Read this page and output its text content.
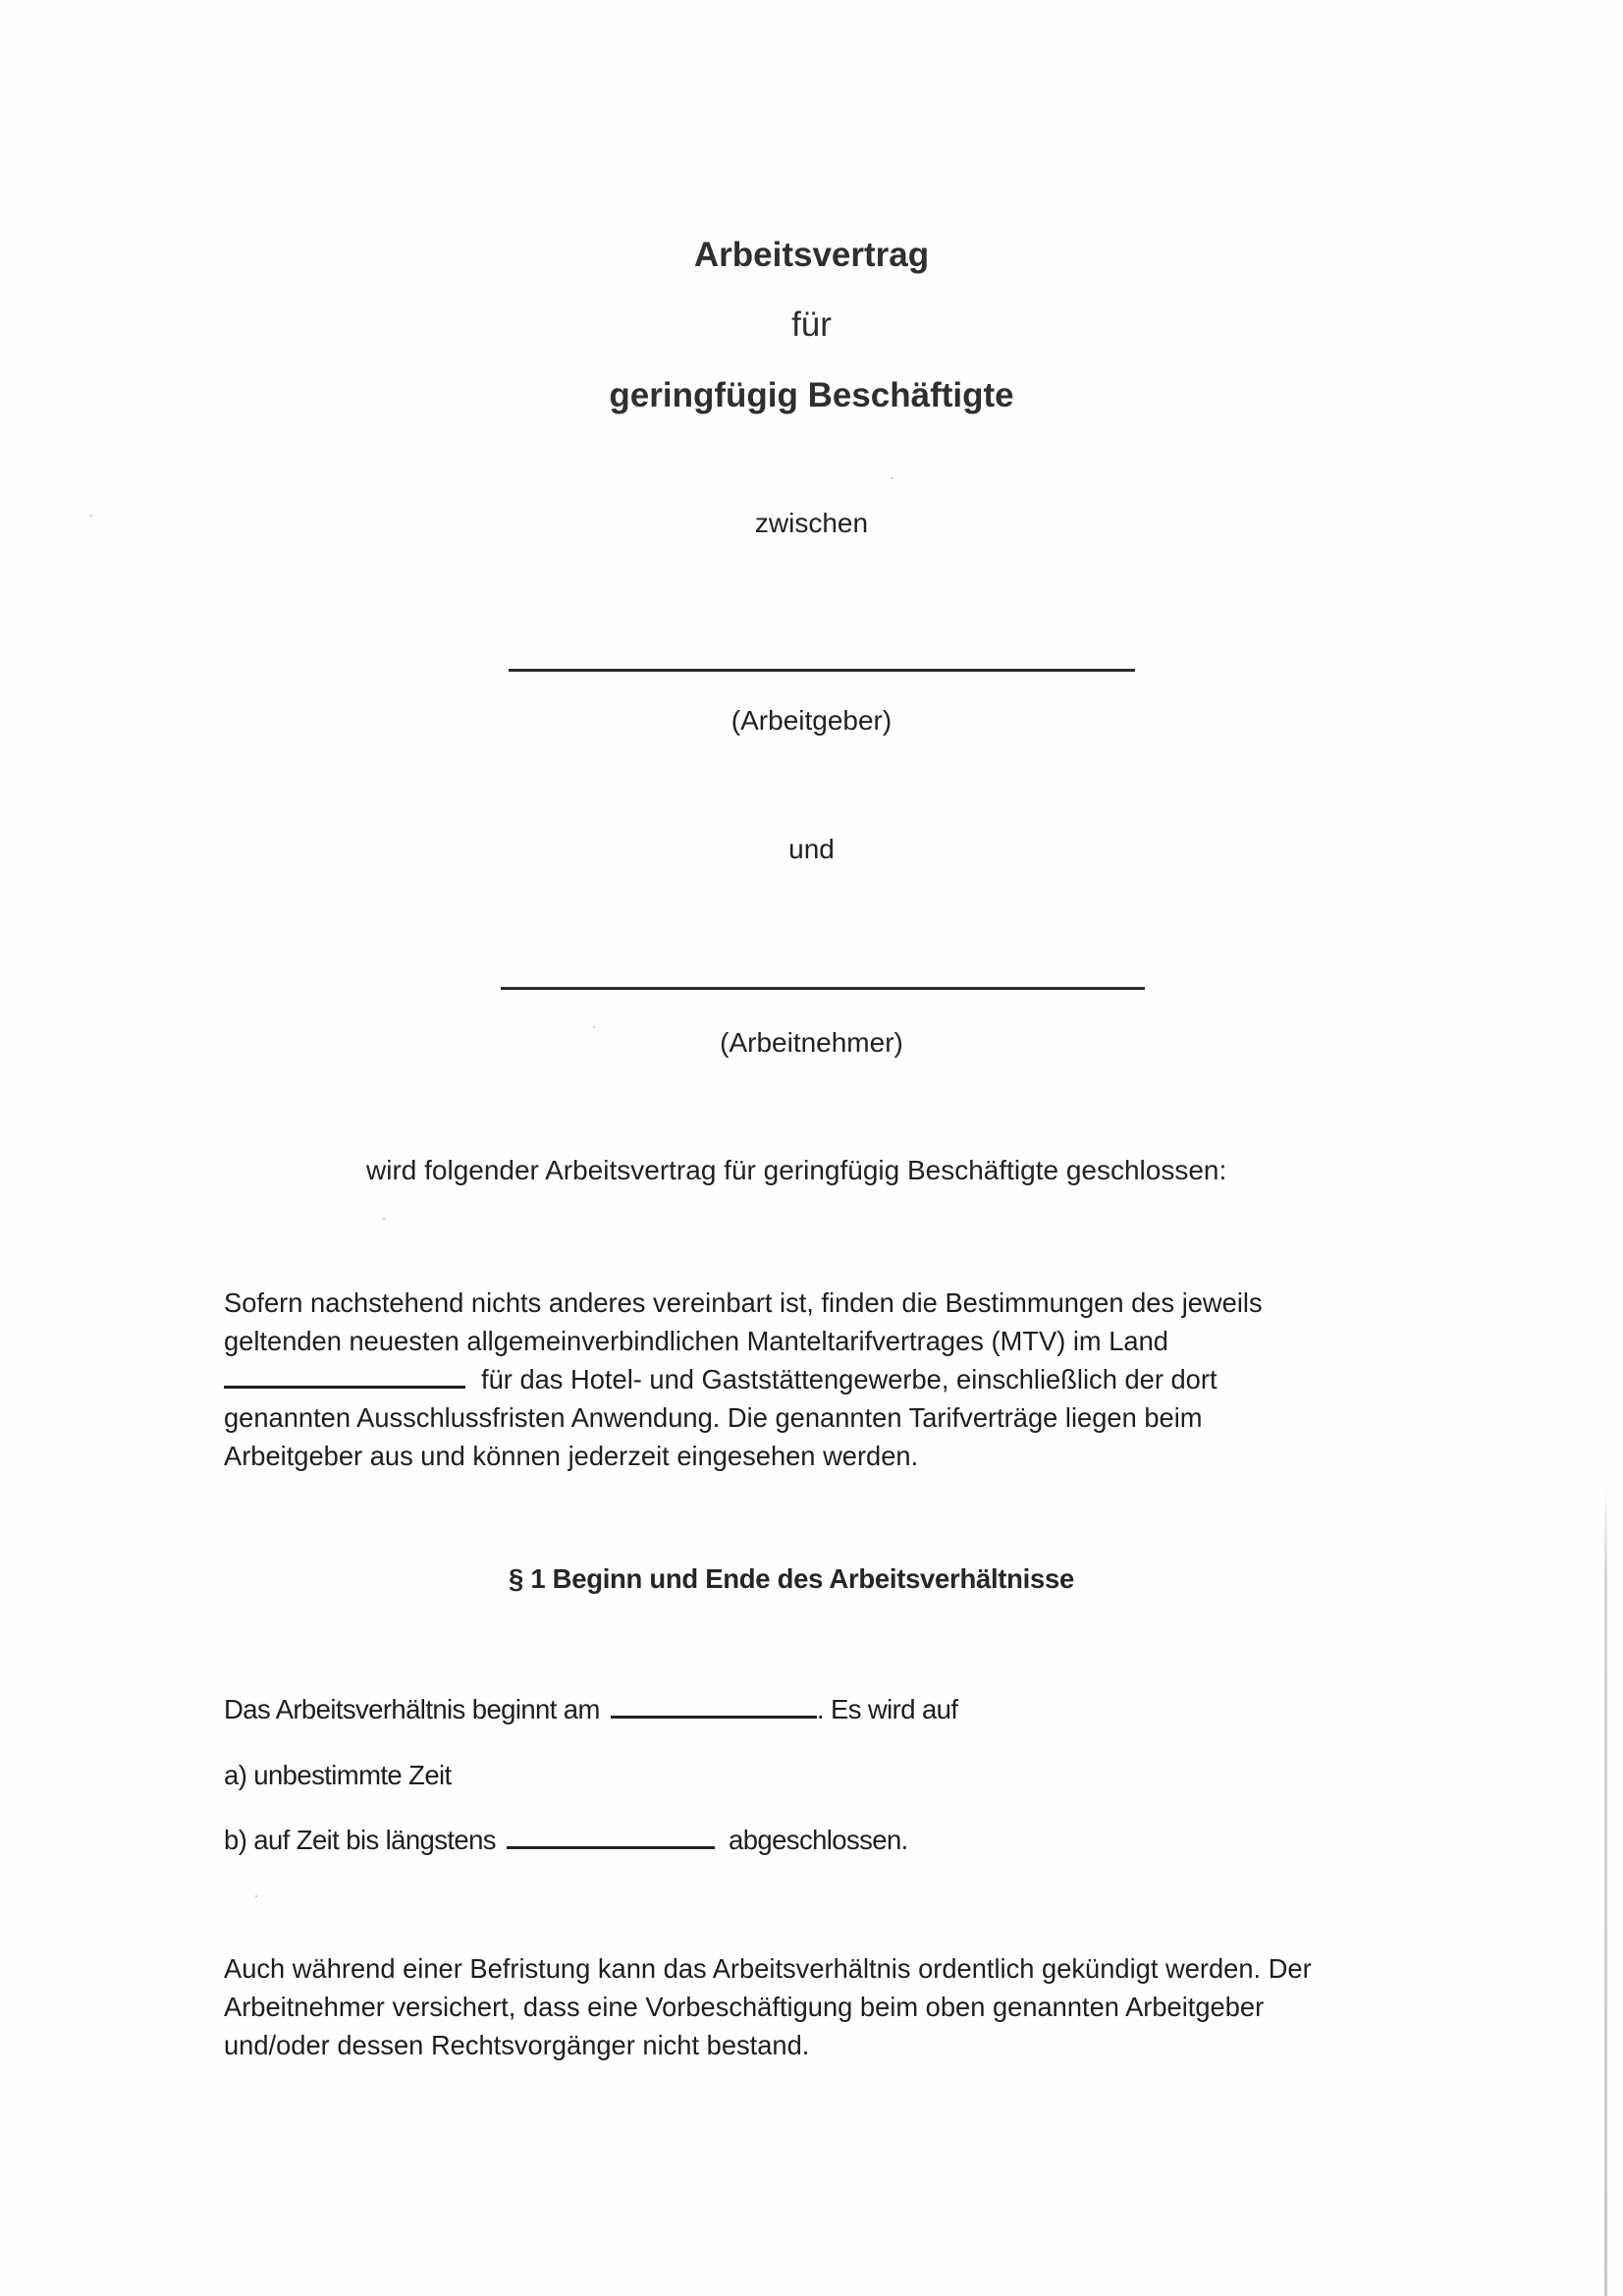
Arbeitsvertrag
für
geringfügig Beschäftigte
zwischen
(Arbeitgeber)
und
(Arbeitnehmer)
wird folgender Arbeitsvertrag für geringfügig Beschäftigte geschlossen:
Sofern nachstehend nichts anderes vereinbart ist, finden die Bestimmungen des jeweils
geltenden neuesten allgemeinverbindlichen Manteltarifvertrages (MTV) im Land
für das Hotel- und Gaststättengewerbe, einschließlich der dort
genannten Ausschlussfristen Anwendung. Die genannten Tarifverträge liegen beim
Arbeitgeber aus und können jederzeit eingesehen werden.
§ 1 Beginn und Ende des Arbeitsverhältnisse
Das Arbeitsverhältnis beginnt am	. Es wird auf
a) unbestimmte Zeit
b) auf Zeit bis längstens	abgeschlossen.
Auch während einer Befristung kann das Arbeitsverhältnis ordentlich gekündigt werden. Der
Arbeitnehmer versichert, dass eine Vorbeschäftigung beim oben genannten Arbeitgeber
und/oder dessen Rechtsvorgänger nicht bestand.
